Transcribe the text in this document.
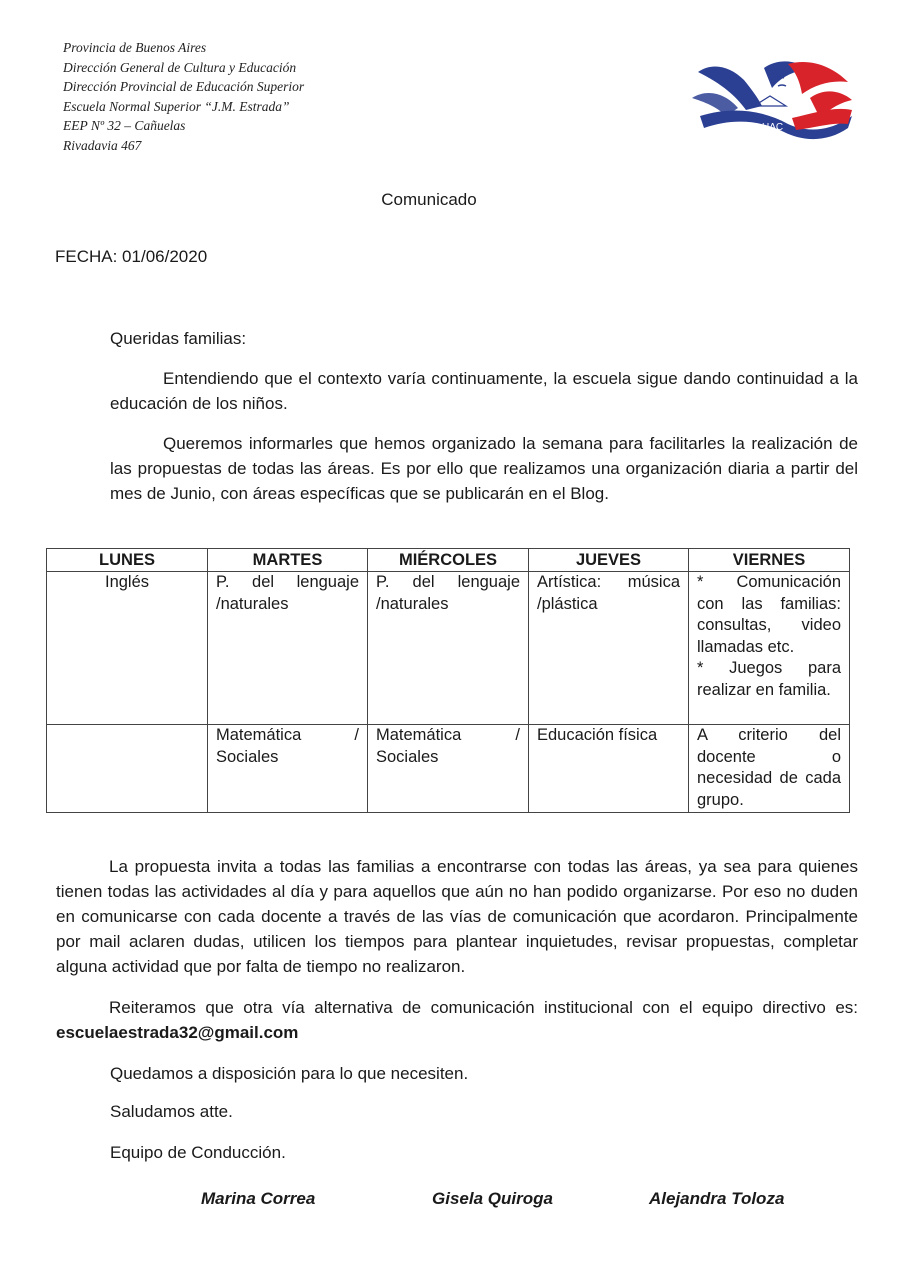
Provincia de Buenos Aires
Dirección General de Cultura y Educación
Dirección Provincial de Educación Superior
Escuela Normal Superior “J.M. Estrada”
EEP Nº 32 – Cañuelas
Rivadavia 467
UAC
Comunicado
FECHA: 01/06/2020
Queridas familias:
Entendiendo que el contexto varía continuamente, la escuela sigue dando continuidad a la educación de los niños.
Queremos informarles que hemos organizado la semana para facilitarles la realización de las propuestas de todas las áreas. Es por ello que realizamos una organización diaria a partir del mes de Junio, con áreas específicas que se publicarán en el Blog.
LUNES	MARTES	MIÉRCOLES	JUEVES	VIERNES
Inglés	P. del lenguaje /naturales	P. del lenguaje /naturales	Artística: música /plástica	* Comunicación con las familias: consultas, video llamadas etc.
* Juegos para realizar en familia.

	Matemática / Sociales	Matemática / Sociales	Educación física	A criterio del docente o necesidad de cada grupo.
La propuesta invita a todas las familias a encontrarse con todas las áreas, ya sea para quienes tienen todas las actividades al día y para aquellos que aún no han podido organizarse. Por eso no duden en comunicarse con cada docente a través de las vías de comunicación que acordaron. Principalmente por mail aclaren dudas, utilicen los tiempos para plantear inquietudes, revisar propuestas, completar alguna actividad que por falta de tiempo no realizaron.
Reiteramos que otra vía alternativa de comunicación institucional con el equipo directivo es: escuelaestrada32@gmail.com
Quedamos a disposición para lo que necesiten.
Saludamos atte.
Equipo de Conducción.
Marina Correa	Gisela Quiroga	Alejandra Toloza
